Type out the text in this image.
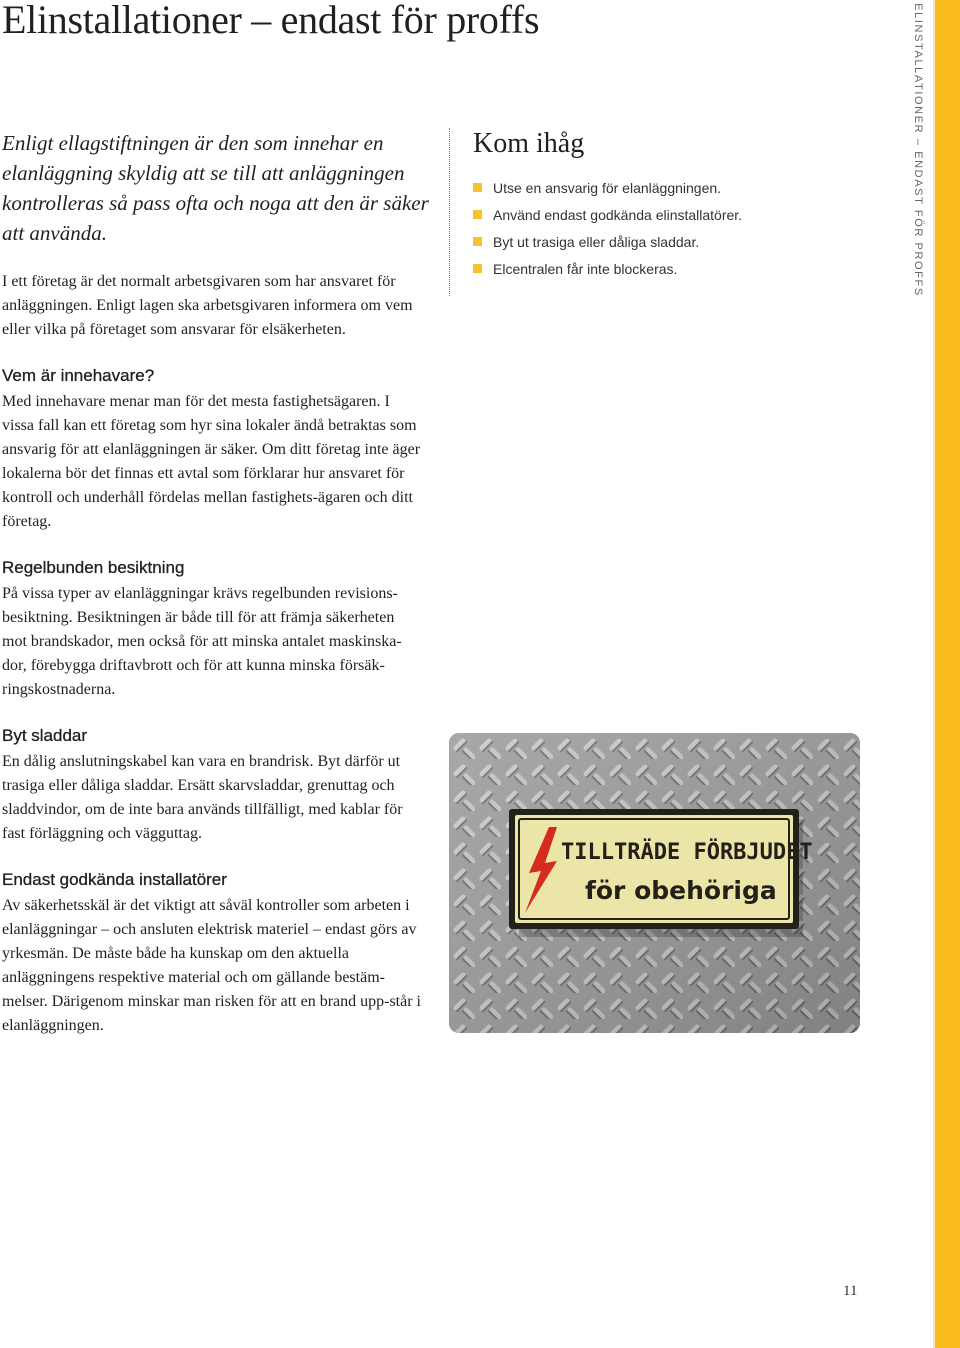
Elinstallationer – endast för proffs

Enligt ellagstiftningen är den som innehar en elanläggning skyldig att se till att anläggningen kontrolleras så pass ofta och noga att den är säker att använda.

I ett företag är det normalt arbetsgivaren som har ansvaret för anläggningen. Enligt lagen ska arbetsgivaren informera om vem eller vilka på företaget som ansvarar för elsäkerheten.

Kom ihåg
Utse en ansvarig för elanläggningen.
Använd endast godkända elinstallatörer.
Byt ut trasiga eller dåliga sladdar.
Elcentralen får inte blockeras.
Vem är innehavare?

Med innehavare menar man för det mesta fastighetsägaren. I vissa fall kan ett företag som hyr sina lokaler ändå betraktas som ansvarig för att elanläggningen är säker. Om ditt företag inte äger lokalerna bör det finnas ett avtal som förklarar hur ansvaret för kontroll och underhåll fördelas mellan fastighets-ägaren och ditt företag.

Regelbunden besiktning

På vissa typer av elanläggningar krävs regelbunden revisions-besiktning. Besiktningen är både till för att främja säkerheten mot brandskador, men också för att minska antalet maskinska-dor, förebygga driftavbrott och för att kunna minska försäk-ringskostnaderna.

Byt sladdar

En dålig anslutningskabel kan vara en brandrisk. Byt därför ut trasiga eller dåliga sladdar. Ersätt skarvsladdar, grenuttag och sladdvindor, om de inte bara används tillfälligt, med kablar för fast förläggning och vägguttag.

Endast godkända installatörer

Av säkerhetsskäl är det viktigt att såväl kontroller som arbeten i elanläggningar – och ansluten elektrisk materiel – endast görs av yrkesmän. De måste både ha kunskap om den aktuella anläggningens respektive material och om gällande bestäm-melser. Därigenom minskar man risken för att en brand upp-står i elanläggningen.

TILLTRÄDE FÖRBJUDET
för obehöriga
ELINSTALLATIONER – ENDAST FÖR PROFFS
11
